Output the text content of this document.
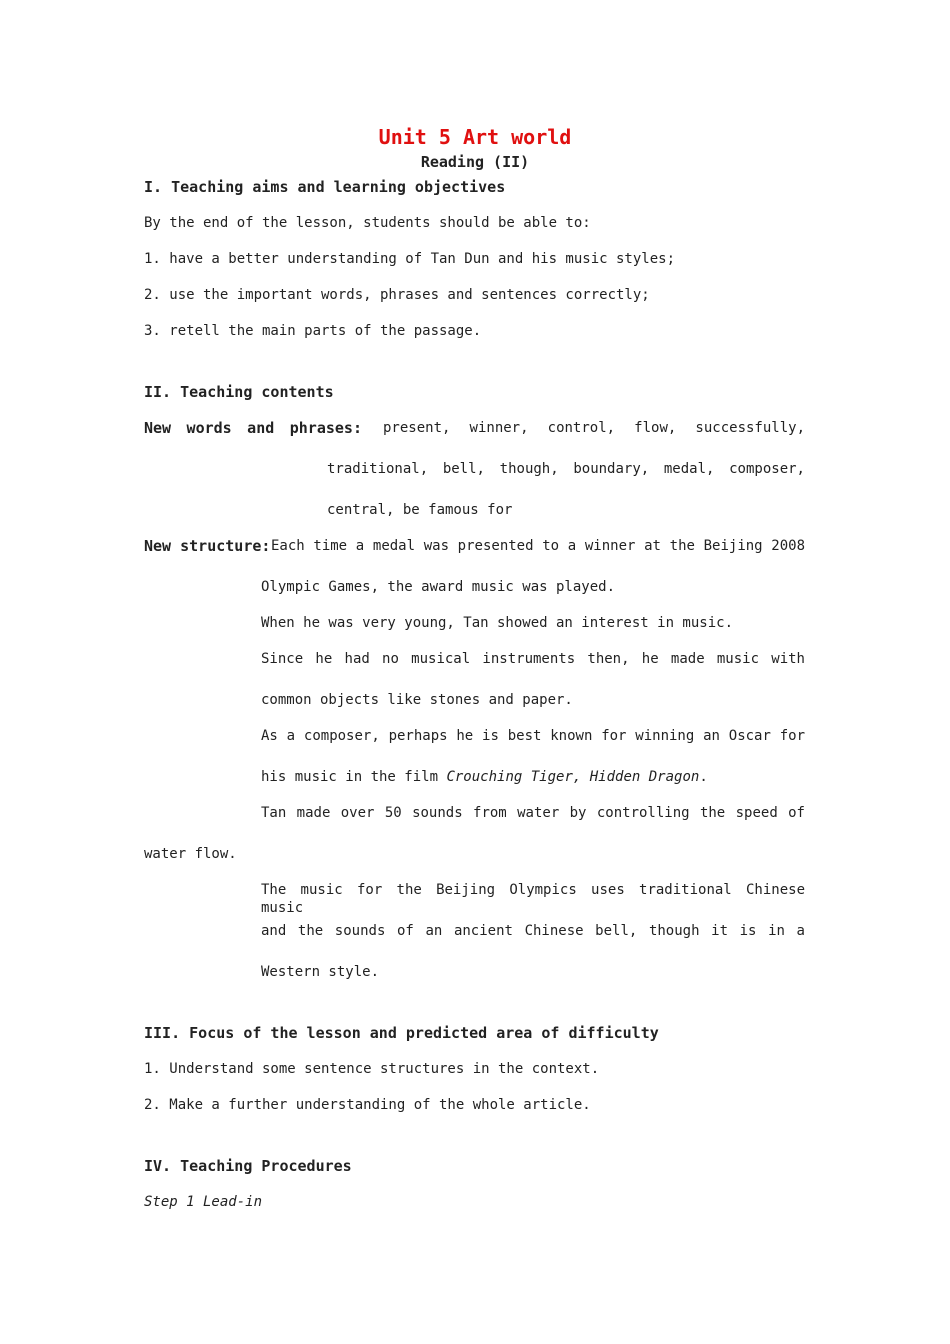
Unit 5 Art world
Reading (II)
I. Teaching aims and learning objectives
By the end of the lesson, students should be able to:
1. have a better understanding of Tan Dun and his music styles;
2. use the important words, phrases and sentences correctly;
3. retell the main parts of the passage.
II. Teaching contents
New words and phrases: present, winner, control, flow, successfully,
traditional, bell, though, boundary, medal, composer,
central, be famous for
New structure: Each time a medal was presented to a winner at the Beijing 2008
Olympic Games, the award music was played.
When he was very young, Tan showed an interest in music.
Since he had no musical instruments then, he made music with
common objects like stones and paper.
As a composer, perhaps he is best known for winning an Oscar for
his music in the film Crouching Tiger, Hidden Dragon.
Tan made over 50 sounds from water by controlling the speed of
water flow.
The music for the Beijing Olympics uses traditional Chinese music
and the sounds of an ancient Chinese bell, though it is in a
Western style.
III. Focus of the lesson and predicted area of difficulty
1. Understand some sentence structures in the context.
2. Make a further understanding of the whole article.
IV. Teaching Procedures
Step 1 Lead-in
